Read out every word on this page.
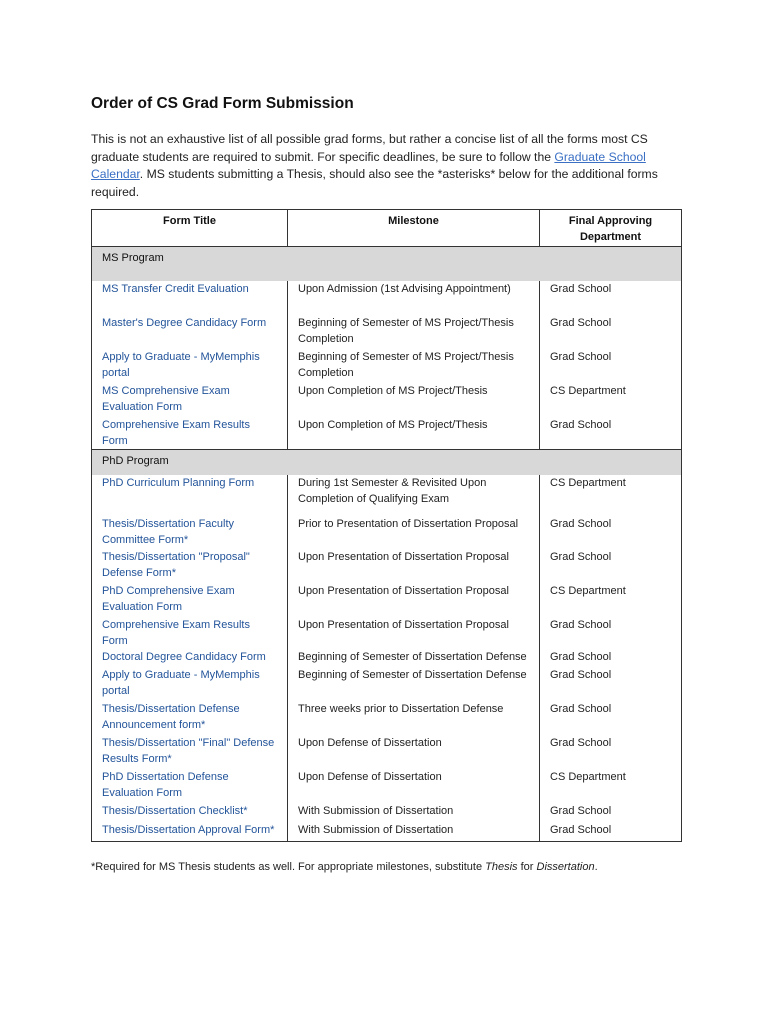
Order of CS Grad Form Submission

This is not an exhaustive list of all possible grad forms, but rather a concise list of all the forms most CS graduate students are required to submit. For specific deadlines, be sure to follow the Graduate School Calendar. MS students submitting a Thesis, should also see the *asterisks* below for the additional forms required.

Form Title	Milestone	Final Approving Department
MS Program		
MS Transfer Credit Evaluation	Upon Admission (1st Advising Appointment)	Grad School
Master's Degree Candidacy Form	Beginning of Semester of MS Project/Thesis Completion	Grad School
Apply to Graduate - MyMemphis portal	Beginning of Semester of MS Project/Thesis Completion	Grad School
MS Comprehensive Exam Evaluation Form	Upon Completion of MS Project/Thesis	CS Department
Comprehensive Exam Results Form	Upon Completion of MS Project/Thesis	Grad School
PhD Program		
PhD Curriculum Planning Form	During 1st Semester & Revisited Upon Completion of Qualifying Exam	CS Department
Thesis/Dissertation Faculty Committee Form*	Prior to Presentation of Dissertation Proposal	Grad School
Thesis/Dissertation "Proposal" Defense Form*	Upon Presentation of Dissertation Proposal	Grad School
PhD Comprehensive Exam Evaluation Form	Upon Presentation of Dissertation Proposal	CS Department
Comprehensive Exam Results Form	Upon Presentation of Dissertation Proposal	Grad School
Doctoral Degree Candidacy Form	Beginning of Semester of Dissertation Defense	Grad School
Apply to Graduate - MyMemphis portal	Beginning of Semester of Dissertation Defense	Grad School
Thesis/Dissertation Defense Announcement form*	Three weeks prior to Dissertation Defense	Grad School
Thesis/Dissertation "Final" Defense Results Form*	Upon Defense of Dissertation	Grad School
PhD Dissertation Defense Evaluation Form	Upon Defense of Dissertation	CS Department
Thesis/Dissertation Checklist*	With Submission of Dissertation	Grad School
Thesis/Dissertation Approval Form*	With Submission of Dissertation	Grad School

*Required for MS Thesis students as well. For appropriate milestones, substitute Thesis for Dissertation.
